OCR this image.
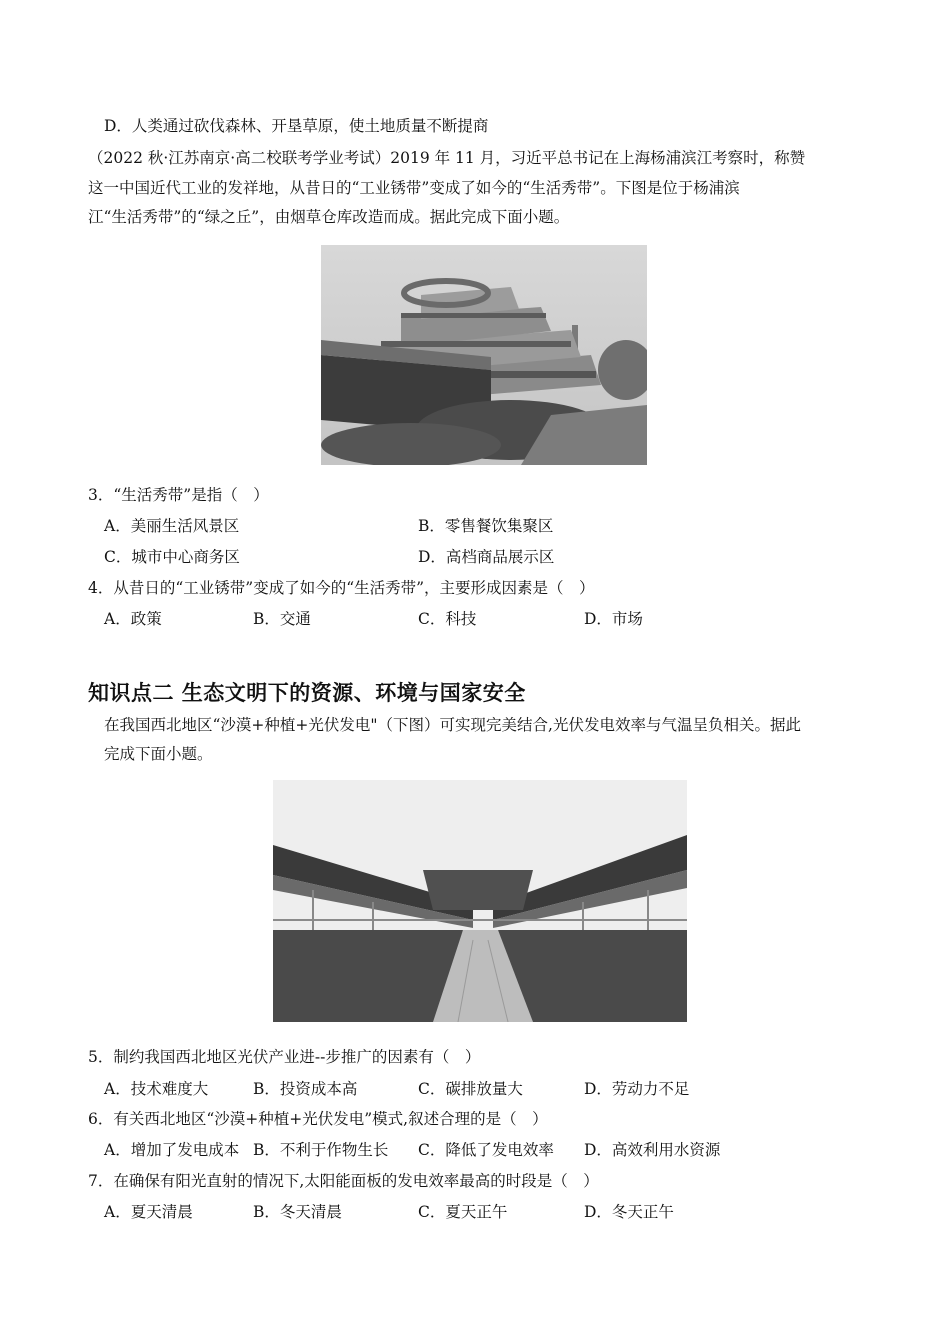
D．人类通过砍伐森林、开垦草原，使土地质量不断提商
（2022 秋·江苏南京·高二校联考学业考试）2019 年 11 月，习近平总书记在上海杨浦滨江考察时，称赞
这一中国近代工业的发祥地，从昔日的“工业锈带”变成了如今的“生活秀带”。下图是位于杨浦滨
江“生活秀带”的“绿之丘”，由烟草仓库改造而成。据此完成下面小题。
3．“生活秀带”是指（　）
A．美丽生活风景区	B．零售餐饮集聚区
C．城市中心商务区	D．高档商品展示区
4．从昔日的“工业锈带”变成了如今的“生活秀带”，主要形成因素是（　）
A．政策	B．交通	C．科技	D．市场
知识点二 生态文明下的资源、环境与国家安全
在我国西北地区“沙漠+种植+光伏发电"（下图）可实现完美结合,光伏发电效率与气温呈负相关。据此
完成下面小题。
5．制约我国西北地区光伏产业进--步推广的因素有（　）
A．技术难度大	B．投资成本高	C．碳排放量大	D．劳动力不足
6．有关西北地区“沙漠+种植+光伏发电”模式,叙述合理的是（　）
A．增加了发电成本 B．不利于作物生长 C．降低了发电效率 D．高效利用水资源
7．在确保有阳光直射的情况下,太阳能面板的发电效率最高的时段是（　）
A．夏天清晨	B．冬天清晨	C．夏天正午	D．冬天正午
